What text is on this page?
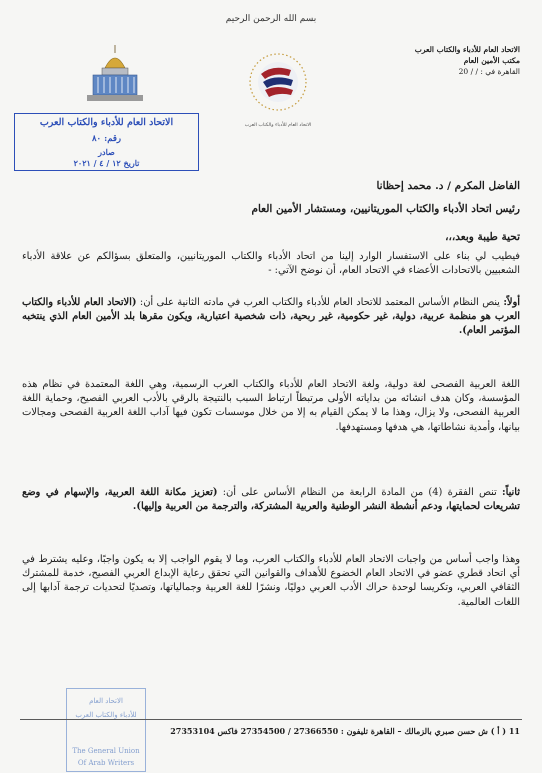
بسم الله الرحمن الرحيم
الاتحاد العام للأدباء والكتاب العرب
مكتب الأمين العام
القاهرة في : / / 20
الاتحاد العام للأدباء والكتاب العرب
الاتحاد العام للأدباء والكتاب العرب
رقم: ٨٠
صادر
تاريخ ١٢ / ٤ / ٢٠٢١
الفاضل المكرم / د. محمد إحظانا
رئيس اتحاد الأدباء والكتاب الموريتانيين، ومستشار الأمين العام
تحية طيبة وبعد،،،
فيطيب لي بناء على الاستفسار الوارد إلينا من اتحاد الأدباء والكتاب الموريتانيين، والمتعلق بسؤالكم عن علاقة الأدباء الشعبيين بالاتحادات الأعضاء في الاتحاد العام، أن نوضح الآتي: -
أولاً: ينص النظام الأساس المعتمد للاتحاد العام للأدباء والكتاب العرب في مادته الثانية على أن: (الاتحاد العام للأدباء والكتاب العرب هو منظمة عربية، دولية، غير حكومية، غير ربحية، ذات شخصية اعتبارية، ويكون مقرها بلد الأمين العام الذي ينتخبه المؤتمر العام).
اللغة العربية الفصحى لغة دولية، ولغة الاتحاد العام للأدباء والكتاب العرب الرسمية، وهي اللغة المعتمدة في نظام هذه المؤسسة، وكان هدف انشائه من بداياته الأولى مرتبطاً ارتباط السبب بالنتيجة بالرقي بالأدب العربي الفصيح، وحماية اللغة العربية الفصحى، ولا يزال، وهذا ما لا يمكن القيام به إلا من خلال موسسات تكون فيها آداب اللغة العربية الفصحى ومجالات بيانها، وأمدية نشاطاتها، هي هدفها ومستهدفها.
ثانياً: تنص الفقرة (4) من المادة الرابعة من النظام الأساس على أن: (تعزيز مكانة اللغة العربية، والإسهام في وضع تشريعات لحمايتها، ودعم أنشطة النشر الوطنية والعربية المشتركة، والترجمة من العربية وإليها).
وهذا واجب أساس من واجبات الاتحاد العام للأدباء والكتاب العرب، وما لا يقوم الواجب إلا به يكون واجبًا، وعليه يشترط في أي اتحاد قطري عضو في الاتحاد العام الخضوع للأهداف والقوانين التي تحقق رعاية الإبداع العربي الفصيح، خدمة للمشترك الثقافي العربي، وتكريسا لوحدة حراك الأدب العربي دوليًا، ونشرًا للغة العربية وجمالياتها، وتصديًا لتحديات ترجمة آدابها إلى اللغات العالمية.
الاتحاد العام
للأدباء والكتاب العرب
The General Union
Of Arab Writers
11 ( أ ) ش حسن صبري بالزمالك – القاهرة تليفون : 27366550 / 27354500 فاكس 27353104
